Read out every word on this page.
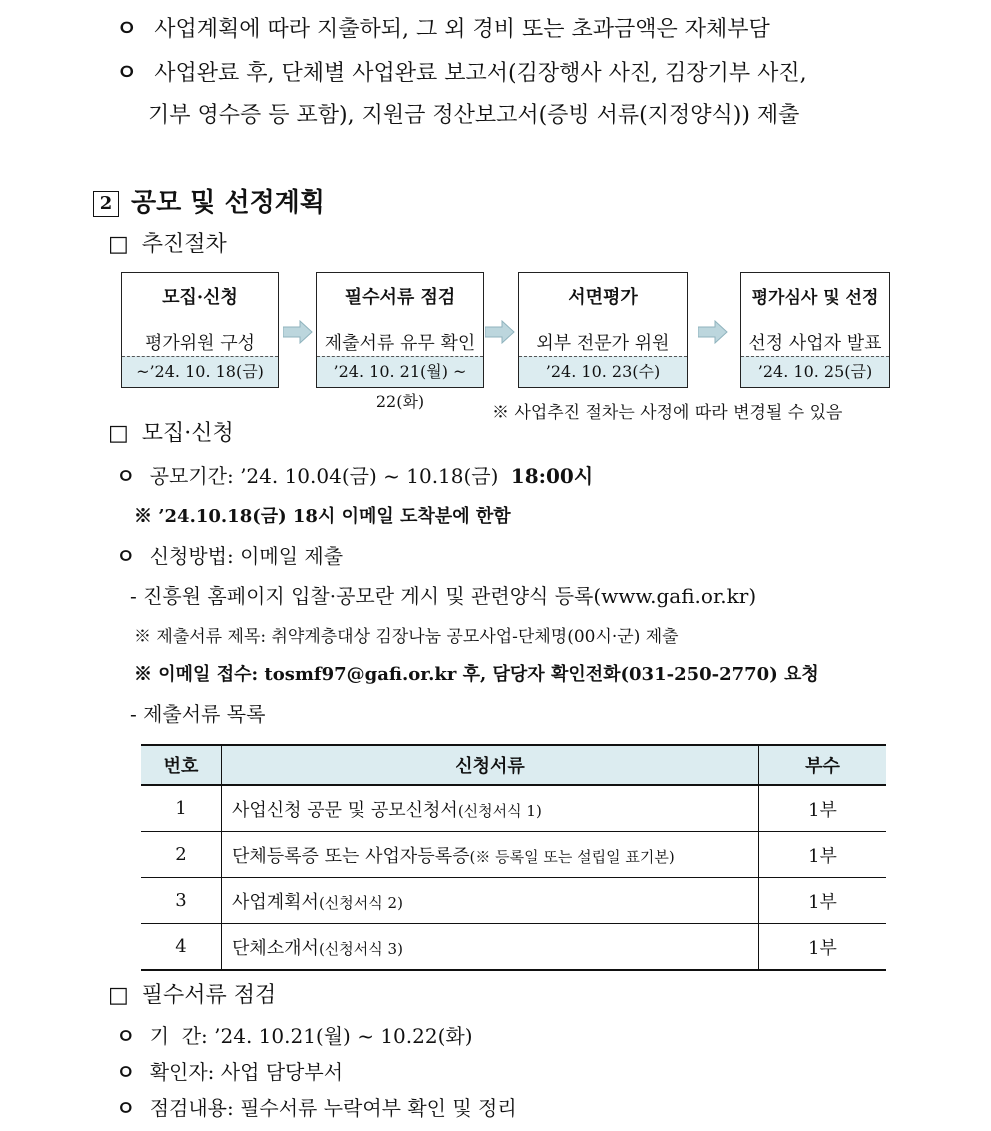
ㅇ 사업계획에 따라 지출하되, 그 외 경비 또는 초과금액은 자체부담
ㅇ 사업완료 후, 단체별 사업완료 보고서(김장행사 사진, 김장기부 사진,
기부 영수증 등 포함), 지원금 정산보고서(증빙 서류(지정양식)) 제출
2 공모 및 선정계획
□ 추진절차
모집·신청
평가위원 구성
~’24. 10. 18(금)
필수서류 점검
제출서류 유무 확인
’24. 10. 21(월) ~ 22(화)
서면평가
외부 전문가 위원
’24. 10. 23(수)
평가심사 및 선정
선정 사업자 발표
’24. 10. 25(금)
※ 사업추진 절차는 사정에 따라 변경될 수 있음
□ 모집·신청
ㅇ 공모기간: ’24. 10.04(금) ~ 10.18(금) 18:00시
※ ’24.10.18(금) 18시 이메일 도착분에 한함
ㅇ 신청방법: 이메일 제출
- 진흥원 홈페이지 입찰·공모란 게시 및 관련양식 등록(www.gafi.or.kr)
※ 제출서류 제목: 취약계층대상 김장나눔 공모사업-단체명(00시·군) 제출
※ 이메일 접수: tosmf97@gafi.or.kr 후, 담당자 확인전화(031-250-2770) 요청
- 제출서류 목록
번호	신청서류	부수
1	사업신청 공문 및 공모신청서(신청서식 1)	1부
2	단체등록증 또는 사업자등록증(※ 등록일 또는 설립일 표기본)	1부
3	사업계획서(신청서식 2)	1부
4	단체소개서(신청서식 3)	1부
□ 필수서류 점검
ㅇ 기  간: ’24. 10.21(월) ~ 10.22(화)
ㅇ 확인자: 사업 담당부서
ㅇ 점검내용: 필수서류 누락여부 확인 및 정리
